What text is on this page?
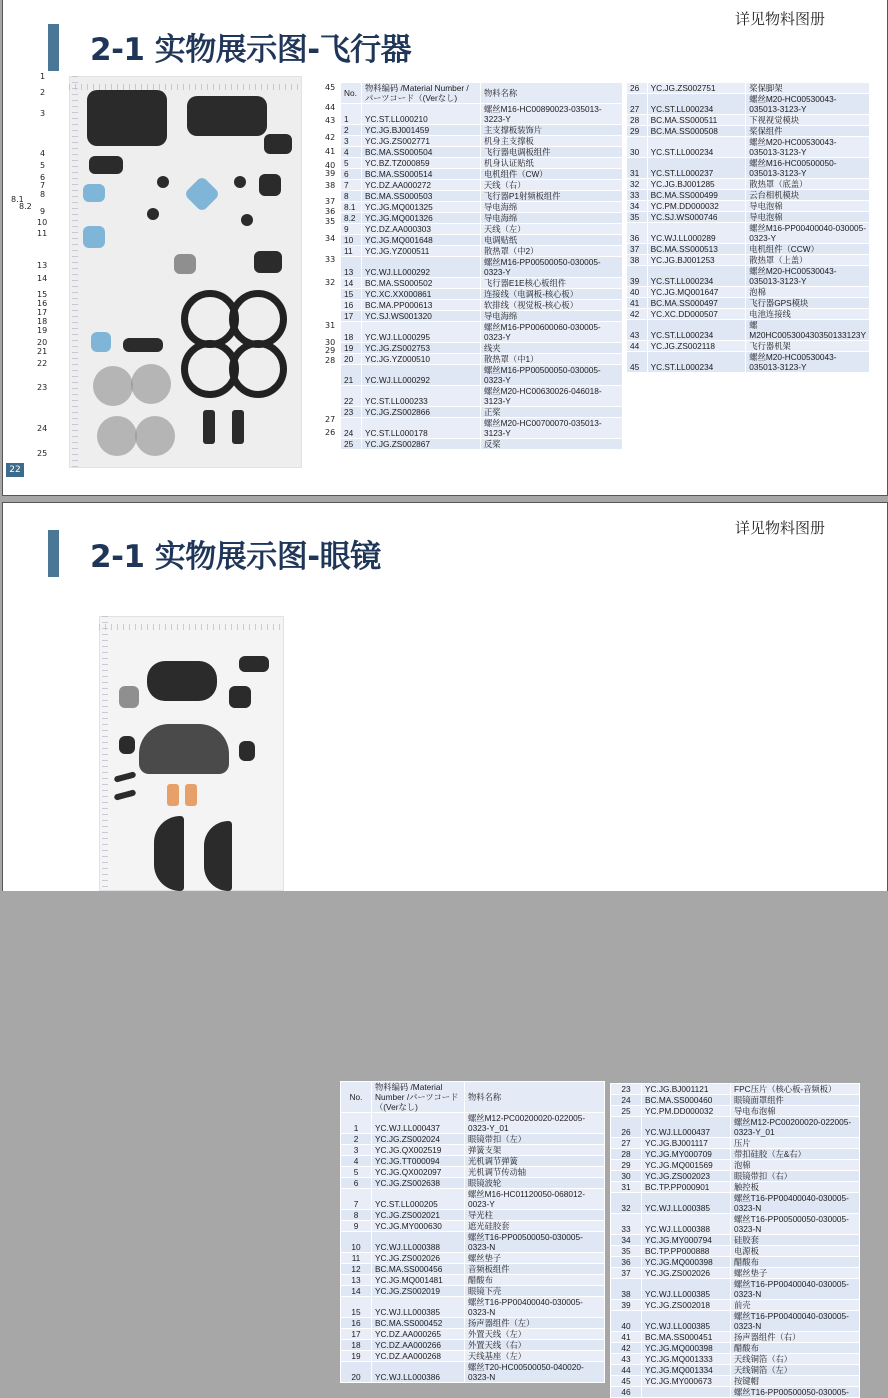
详见物料图册
2-1 实物展示图-飞行器
1
2
3
4
5
6
7
8
8.1
8.2
9
10
11
13
14
15
16
17
18
19
20
21
22
23
24
25
45
44
43
42
41
40
39
38
37
36
35
34
33
32
31
30
29
28
27
26
22
No.	物料编码 /Material Number /パーツコード（(Verなし)	物料名称
1	YC.ST.LL000210	螺丝M16-HC00890023-035013-3223-Y
2	YC.JG.BJ001459	主支撑板装饰片
3	YC.JG.ZS002771	机身主支撑板
4	BC.MA.SS000504	飞行器电调板组件
5	YC.BZ.TZ000859	机身认证贴纸
6	BC.MA.SS000514	电机组件（CW）
7	YC.DZ.AA000272	天线（右）
8	BC.MA.SS000503	飞行器P1射频板组件
8.1	YC.JG.MQ001325	导电海绵
8.2	YC.JG.MQ001326	导电海绵
9	YC.DZ.AA000303	天线（左）
10	YC.JG.MQ001648	电调贴纸
11	YC.JG.YZ000511	散热罩（中2）
13	YC.WJ.LL000292	螺丝M16-PP00500050-030005-0323-Y
14	BC.MA.SS000502	飞行器E1E核心板组件
15	YC.XC.XX000861	连接线（电调板-核心板）
16	BC.MA.PP000613	软排线（视觉板-核心板）
17	YC.SJ.WS001320	导电海绵
18	YC.WJ.LL000295	螺丝M16-PP00600060-030005-0323-Y
19	YC.JG.ZS002753	线夹
20	YC.JG.YZ000510	散热罩（中1）
21	YC.WJ.LL000292	螺丝M16-PP00500050-030005-0323-Y
22	YC.ST.LL000233	螺丝M20-HC00630026-046018-3123-Y
23	YC.JG.ZS002866	正桨
24	YC.ST.LL000178	螺丝M20-HC00700070-035013-3123-Y
25	YC.JG.ZS002867	反桨
26	YC.JG.ZS002751	桨保脚架
27	YC.ST.LL000234	螺丝M20-HC00530043-035013-3123-Y
28	BC.MA.SS000511	下视视觉模块
29	BC.MA.SS000508	桨保组件
30	YC.ST.LL000234	螺丝M20-HC00530043-035013-3123-Y
31	YC.ST.LL000237	螺丝M16-HC00500050-035013-3123-Y
32	YC.JG.BJ001285	散热罩（底盖）
33	BC.MA.SS000499	云台相机模块
34	YC.PM.DD000032	导电泡棉
35	YC.SJ.WS000746	导电泡棉
36	YC.WJ.LL000289	螺丝M16-PP00400040-030005-0323-Y
37	BC.MA.SS000513	电机组件（CCW）
38	YC.JG.BJ001253	散热罩（上盖）
39	YC.ST.LL000234	螺丝M20-HC00530043-035013-3123-Y
40	YC.JG.MQ001647	泡棉
41	BC.MA.SS000497	飞行器GPS模块
42	YC.XC.DD000507	电池连接线
43	YC.ST.LL000234	螺M20HC005300430350133123Y
44	YC.JG.ZS002118	飞行器机架
45	YC.ST.LL000234	螺丝M20-HC00530043-035013-3123-Y
详见物料图册
2-1 实物展示图-眼镜
No.	物料编码 /Material Number /パーツコード（(Verなし)	物料名称
1	YC.WJ.LL000437	螺丝M12-PC00200020-022005-0323-Y_01
2	YC.JG.ZS002024	眼镜带扣（左）
3	YC.JG.QX002519	弹簧支架
4	YC.JG.TT000094	光机调节弹簧
5	YC.JG.QX002097	光机调节传动轴
6	YC.JG.ZS002638	眼镜波轮
7	YC.ST.LL000205	螺丝M16-HC01120050-068012-0023-Y
8	YC.JG.ZS002021	导光柱
9	YC.JG.MY000630	遮光硅胶套
10	YC.WJ.LL000388	螺丝T16-PP00500050-030005-0323-N
11	YC.JG.ZS002026	螺丝垫子
12	BC.MA.SS000456	音频板组件
13	YC.JG.MQ001481	醋酸布
14	YC.JG.ZS002019	眼镜下壳
15	YC.WJ.LL000385	螺丝T16-PP00400040-030005-0323-N
16	BC.MA.SS000452	扬声器组件（左）
17	YC.DZ.AA000265	外置天线（左）
18	YC.DZ.AA000266	外置天线（右）
19	YC.DZ.AA000268	天线基座（左）
20	YC.WJ.LL000386	螺丝T20-HC00500050-040020-0323-N
23	YC.JG.BJ001121	FPC压片（核心板-音频板）
24	BC.MA.SS000460	眼镜面罩组件
25	YC.PM.DD000032	导电布泡棉
26	YC.WJ.LL000437	螺丝M12-PC00200020-022005-0323-Y_01
27	YC.JG.BJ001117	压片
28	YC.JG.MY000709	带扣硅胶（左&右）
29	YC.JG.MQ001569	泡棉
30	YC.JG.ZS002023	眼镜带扣（右）
31	BC.TP.PP000901	触控板
32	YC.WJ.LL000385	螺丝T16-PP00400040-030005-0323-N
33	YC.WJ.LL000388	螺丝T16-PP00500050-030005-0323-N
34	YC.JG.MY000794	硅胶套
35	BC.TP.PP000888	电源板
36	YC.JG.MQ000398	醋酸布
37	YC.JG.ZS002026	螺丝垫子
38	YC.WJ.LL000385	螺丝T16-PP00400040-030005-0323-N
39	YC.JG.ZS002018	前壳
40	YC.WJ.LL000385	螺丝T16-PP00400040-030005-0323-N
41	BC.MA.SS000451	扬声器组件（右）
42	YC.JG.MQ000398	醋酸布
43	YC.JG.MQ001333	天线铜箔（右）
44	YC.JG.MQ001334	天线铜箔（左）
45	YC.JG.MY000673	按键帽
46		螺丝T16-PP00500050-030005-
